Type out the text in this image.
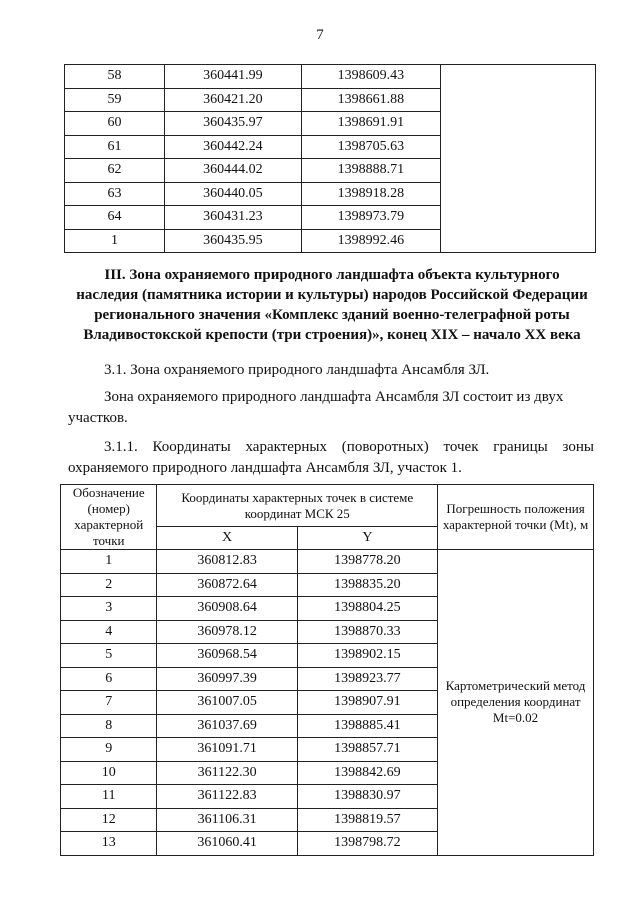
7
58	360441.99	1398609.43	
59	360421.20	1398661.88	
60	360435.97	1398691.91	
61	360442.24	1398705.63	
62	360444.02	1398888.71	
63	360440.05	1398918.28	
64	360431.23	1398973.79	
1	360435.95	1398992.46	
III. Зона охраняемого природного ландшафта объекта культурного наследия (памятника истории и культуры) народов Российской Федерации регионального значения «Комплекс зданий военно-телеграфной роты Владивостокской крепости (три строения)», конец XIX – начало XX века
3.1. Зона охраняемого природного ландшафта Ансамбля ЗЛ.
Зона охраняемого природного ландшафта Ансамбля ЗЛ состоит из двух
участков.
3.1.1. Координаты характерных (поворотных) точек границы зоны
охраняемого природного ландшафта Ансамбля ЗЛ, участок 1.
Обозначение (номер) характерной точки	Координаты характерных точек в системе координат МСК 25		Погрешность положения характерной точки (Mt), м
	X	Y	
1	360812.83	1398778.20	Картометрический метод определения координат Mt=0.02
2	360872.64	1398835.20	
3	360908.64	1398804.25	
4	360978.12	1398870.33	
5	360968.54	1398902.15	
6	360997.39	1398923.77	
7	361007.05	1398907.91	
8	361037.69	1398885.41	
9	361091.71	1398857.71	
10	361122.30	1398842.69	
11	361122.83	1398830.97	
12	361106.31	1398819.57	
13	361060.41	1398798.72	
